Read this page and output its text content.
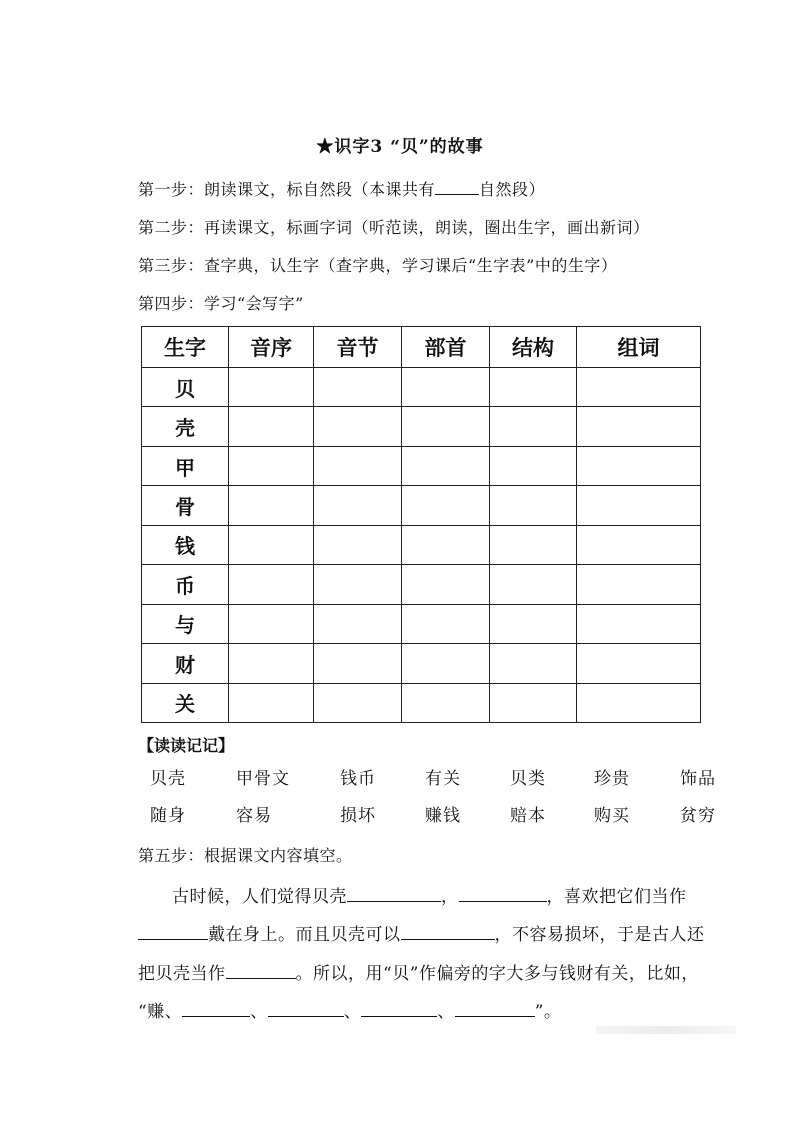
★识字3 “贝”的故事
第一步：朗读课文，标自然段（本课共有	自然段）
第二步：再读课文，标画字词（听范读，朗读，圈出生字，画出新词）
第三步：查字典，认生字（查字典，学习课后“生字表”中的生字）
第四步：学习“会写字”
生字	音序	音节	部首	结构	组词
贝					
壳					
甲					
骨					
钱					
币					
与					
财					
关					
【读读记记】
贝壳	甲骨文	钱币	有关	贝类	珍贵	饰品
随身	容易	损坏	赚钱	赔本	购买	贫穷
第五步：根据课文内容填空。
古时候，人们觉得贝壳	，	，喜欢把它们当作
戴在身上。而且贝壳可以	，不容易损坏，于是古人还
把贝壳当作	。所以，用“贝”作偏旁的字大多与钱财有关，比如，
“赚、	、	、	、	”。
